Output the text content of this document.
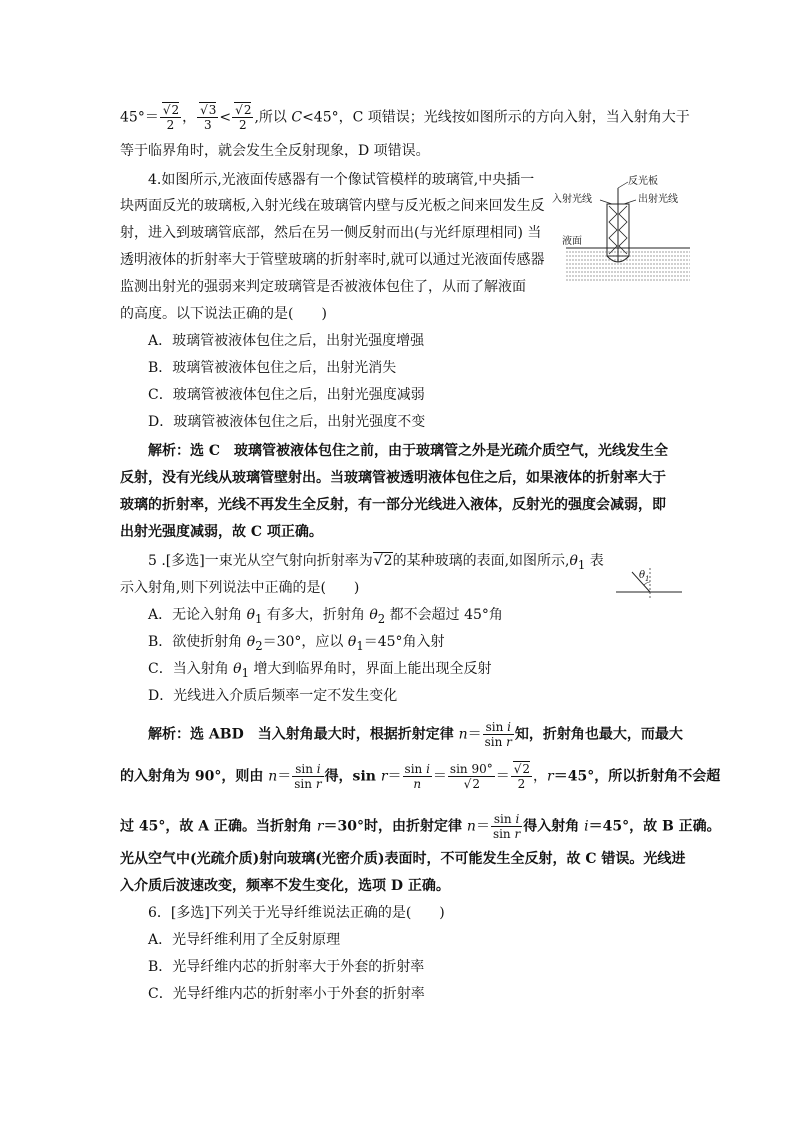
45°＝ √ $\frac{2}{2}$ ， √ $\frac{3}{3}$ < √ $\frac{2}{2}$ ,所以 C<45°，C 项错误；光线按如图所示的方向入射，当入射角大于
等于临界角时，就会发生全反射现象，D 项错误。
4.如图所示,光液面传感器有一个像试管模样的玻璃管,中央插一
块两面反光的玻璃板,入射光线在玻璃管内壁与反光板之间来回发生反
射，进入到玻璃管底部，然后在另一侧反射而出(与光纤原理相同) 当
透明液体的折射率大于管壁玻璃的折射率时,就可以通过光液面传感器
监测出射光的强弱来判定玻璃管是否被液体包住了，从而了解液面
的高度。以下说法正确的是(　　)
A．玻璃管被液体包住之后，出射光强度增强
B．玻璃管被液体包住之后，出射光消失
C．玻璃管被液体包住之后，出射光强度减弱
D．玻璃管被液体包住之后，出射光强度不变
反光板
入射光线	出射光线
液面
解析：选 C　玻璃管被液体包住之前，由于玻璃管之外是光疏介质空气，光线发生全
反射，没有光线从玻璃管壁射出。当玻璃管被透明液体包住之后，如果液体的折射率大于
玻璃的折射率，光线不再发生全反射，有一部分光线进入液体，反射光的强度会减弱，即
出射光强度减弱，故 C 项正确。
5 .[多选]一束光从空气射向折射率为 √ 2的某种玻璃的表面,如图所示$,\theta_1$ 表
示入射角,则下列说法中正确的是(　　)
A．无论入射角 $\theta_1$ 有多大，折射角 $\theta_2$ 都不会超过 45°角
B．欲使折射角 $\theta_2=30^\circ$，应以 $\theta_1=45^\circ$角入射
C．当入射角 $\theta_1$ 增大到临界角时，界面上能出现全反射
D．光线进入介质后频率一定不发生变化
$\theta_1$
解析：选 ABD　当入射角最大时，根据折射定律 $n= \frac{\text{sin i}}{\text{sin r}}$ 知，折射角也最大，而最大
的入射角为 90°，则由 $n= \frac{\text{sin i}}{\text{sin r}}$ 得，$\sin r= \frac{\text{sin i}}{n} = \sin 90^\circ$
√ 2 ＝ √ $\frac{2}{2}$ ，r＝45°，所以折射角不会超
过 45°，故 A 正确。当折射角 r＝30°时，由折射定律 $n= \frac{\text{sin i}}{\text{sin r}}$ 得入射角 i＝45°，故 B 正确。
光从空气中(光疏介质)射向玻璃(光密介质)表面时，不可能发生全反射，故 C 错误。光线进
入介质后波速改变，频率不发生变化，选项 D 正确。
6．[多选]下列关于光导纤维说法正确的是(　　)
A．光导纤维利用了全反射原理
B．光导纤维内芯的折射率大于外套的折射率
C．光导纤维内芯的折射率小于外套的折射率
